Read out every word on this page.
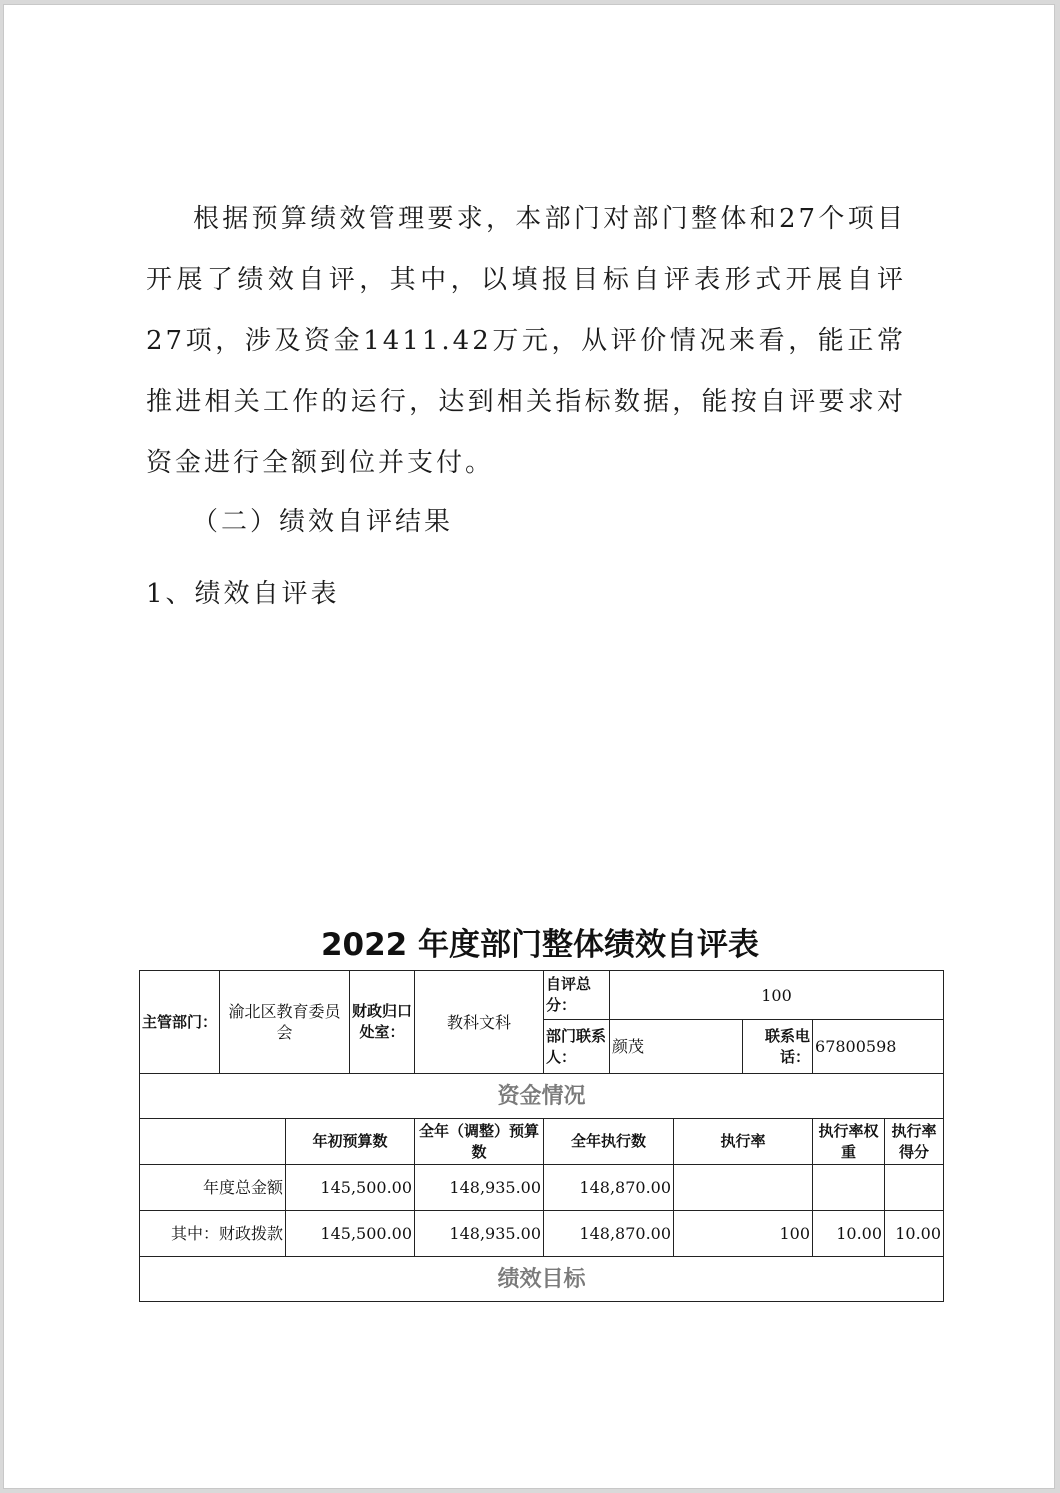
根据预算绩效管理要求，本部门对部门整体和27个项目开展了绩效自评，其中，以填报目标自评表形式开展自评27项，涉及资金1411.42万元，从评价情况来看，能正常推进相关工作的运行，达到相关指标数据，能按自评要求对资金进行全额到位并支付。

（二）绩效自评结果
1、绩效自评表
2022 年度部门整体绩效自评表
主管部门：	渝北区教育委员会		财政归口处室：	教科文科	自评总分：	100				
					部门联系人：	颜茂		联系电话：	67800598	
资金情况										
		年初预算数		全年（调整）预算数	全年执行数		执行率		执行率权重	执行率得分
年度总金额		145,500.00		148,935.00	148,870.00					
其中：财政拨款		145,500.00		148,935.00	148,870.00		100		10.00	10.00
绩效目标										
